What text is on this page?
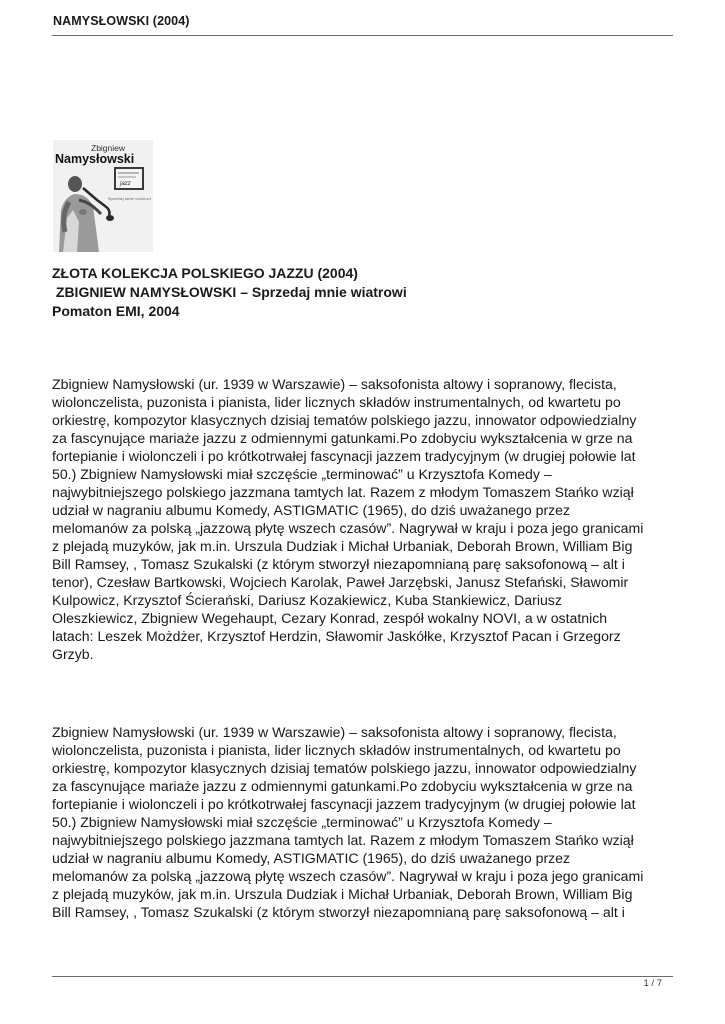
NAMYSŁOWSKI (2004)
Zbigniew
Namysłowski
jazz
Sprzedaj mnie wiatrowi
ZŁOTA KOLEKCJA POLSKIEGO JAZZU (2004)
ZBIGNIEW NAMYSŁOWSKI – Sprzedaj mnie wiatrowi
Pomaton EMI, 2004

Zbigniew Namysłowski (ur. 1939 w Warszawie) – saksofonista altowy i sopranowy, flecista,
wiolonczelista, puzonista i pianista, lider licznych składów instrumentalnych, od kwartetu po
orkiestrę, kompozytor klasycznych dzisiaj tematów polskiego jazzu, innowator odpowiedzialny
za fascynujące mariaże jazzu z odmiennymi gatunkami.Po zdobyciu wykształcenia w grze na
fortepianie i wiolonczeli i po krótkotrwałej fascynacji jazzem tradycyjnym (w drugiej połowie lat
50.) Zbigniew Namysłowski miał szczęście „terminować” u Krzysztofa Komedy –
najwybitniejszego polskiego jazzmana tamtych lat. Razem z młodym Tomaszem Stańko wziął
udział w nagraniu albumu Komedy, ASTIGMATIC (1965), do dziś uważanego przez
melomanów za polską „jazzową płytę wszech czasów”. Nagrywał w kraju i poza jego granicami
z plejadą muzyków, jak m.in. Urszula Dudziak i Michał Urbaniak, Deborah Brown, William Big
Bill Ramsey, , Tomasz Szukalski (z którym stworzył niezapomnianą parę saksofonową – alt i
tenor), Czesław Bartkowski, Wojciech Karolak, Paweł Jarzębski, Janusz Stefański, Sławomir
Kulpowicz, Krzysztof Ścierański, Dariusz Kozakiewicz, Kuba Stankiewicz, Dariusz
Oleszkiewicz, Zbigniew Wegehaupt, Cezary Konrad, zespół wokalny NOVI, a w ostatnich
latach: Leszek Możdżer, Krzysztof Herdzin, Sławomir Jaskółke, Krzysztof Pacan i Grzegorz
Grzyb.

Zbigniew Namysłowski (ur. 1939 w Warszawie) – saksofonista altowy i sopranowy, flecista,
wiolonczelista, puzonista i pianista, lider licznych składów instrumentalnych, od kwartetu po
orkiestrę, kompozytor klasycznych dzisiaj tematów polskiego jazzu, innowator odpowiedzialny
za fascynujące mariaże jazzu z odmiennymi gatunkami.Po zdobyciu wykształcenia w grze na
fortepianie i wiolonczeli i po krótkotrwałej fascynacji jazzem tradycyjnym (w drugiej połowie lat
50.) Zbigniew Namysłowski miał szczęście „terminować” u Krzysztofa Komedy –
najwybitniejszego polskiego jazzmana tamtych lat. Razem z młodym Tomaszem Stańko wziął
udział w nagraniu albumu Komedy, ASTIGMATIC (1965), do dziś uważanego przez
melomanów za polską „jazzową płytę wszech czasów”. Nagrywał w kraju i poza jego granicami
z plejadą muzyków, jak m.in. Urszula Dudziak i Michał Urbaniak, Deborah Brown, William Big
Bill Ramsey, , Tomasz Szukalski (z którym stworzył niezapomnianą parę saksofonową – alt i

1 / 7
